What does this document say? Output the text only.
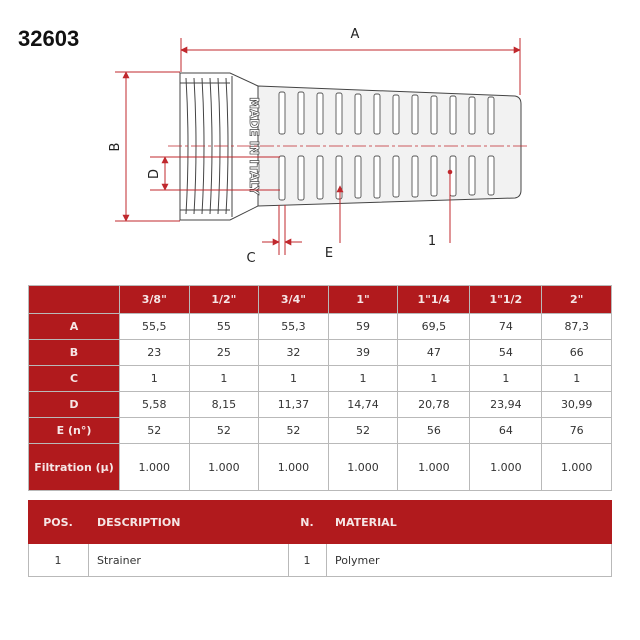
32603
MADE IN ITALY
A
B
D
C	E
1
	3/8"	1/2"	3/4"	1"	1"1/4	1"1/2	2"
A	55,5	55	55,3	59	69,5	74	87,3
B	23	25	32	39	47	54	66
C	1	1	1	1	1	1	1
D	5,58	8,15	11,37	14,74	20,78	23,94	30,99
E (n°)	52	52	52	52	56	64	76
Filtration (µ)	1.000	1.000	1.000	1.000	1.000	1.000	1.000
POS.	DESCRIPTION	N.	MATERIAL
1	Strainer	1	Polymer
